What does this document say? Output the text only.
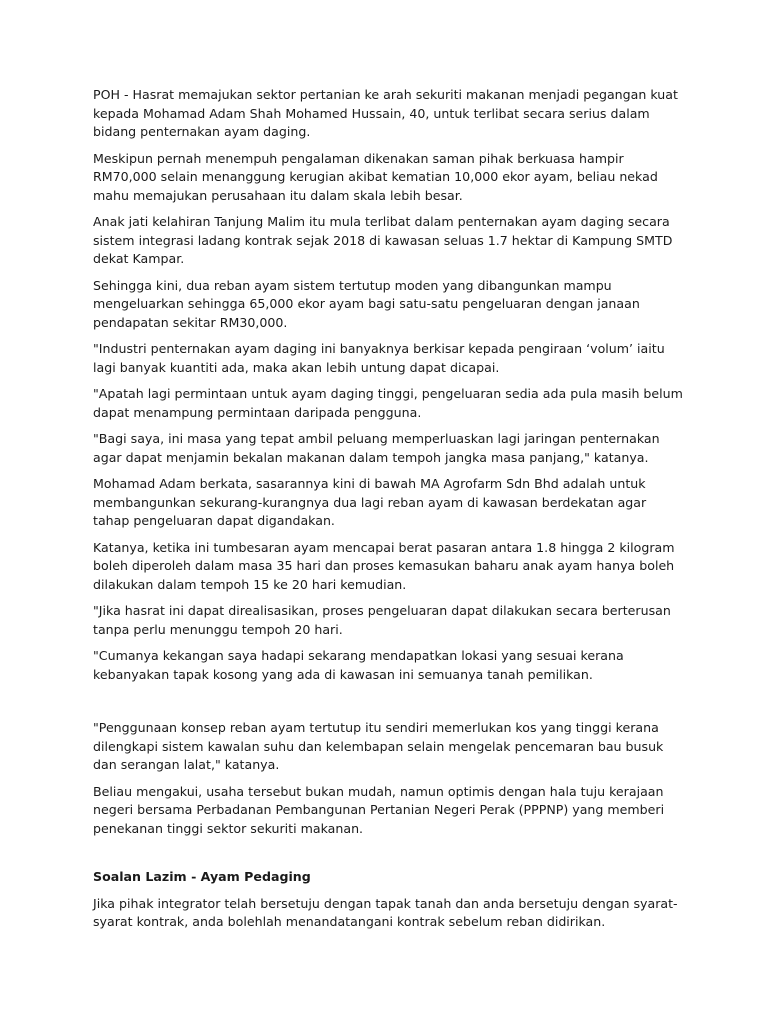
POH - Hasrat memajukan sektor pertanian ke arah sekuriti makanan menjadi pegangan kuat kepada Mohamad Adam Shah Mohamed Hussain, 40, untuk terlibat secara serius dalam bidang penternakan ayam daging.

Meskipun pernah menempuh pengalaman dikenakan saman pihak berkuasa hampir RM70,000 selain menanggung kerugian akibat kematian 10,000 ekor ayam, beliau nekad mahu memajukan perusahaan itu dalam skala lebih besar.

Anak jati kelahiran Tanjung Malim itu mula terlibat dalam penternakan ayam daging secara sistem integrasi ladang kontrak sejak 2018 di kawasan seluas 1.7 hektar di Kampung SMTD dekat Kampar.

Sehingga kini, dua reban ayam sistem tertutup moden yang dibangunkan mampu mengeluarkan sehingga 65,000 ekor ayam bagi satu-satu pengeluaran dengan janaan pendapatan sekitar RM30,000.

"Industri penternakan ayam daging ini banyaknya berkisar kepada pengiraan ‘volum’ iaitu lagi banyak kuantiti ada, maka akan lebih untung dapat dicapai.

"Apatah lagi permintaan untuk ayam daging tinggi, pengeluaran sedia ada pula masih belum dapat menampung permintaan daripada pengguna.

"Bagi saya, ini masa yang tepat ambil peluang memperluaskan lagi jaringan penternakan agar dapat menjamin bekalan makanan dalam tempoh jangka masa panjang," katanya.

Mohamad Adam berkata, sasarannya kini di bawah MA Agrofarm Sdn Bhd adalah untuk membangunkan sekurang-kurangnya dua lagi reban ayam di kawasan berdekatan agar tahap pengeluaran dapat digandakan.

Katanya, ketika ini tumbesaran ayam mencapai berat pasaran antara 1.8 hingga 2 kilogram boleh diperoleh dalam masa 35 hari dan proses kemasukan baharu anak ayam hanya boleh dilakukan dalam tempoh 15 ke 20 hari kemudian.

"Jika hasrat ini dapat direalisasikan, proses pengeluaran dapat dilakukan secara berterusan tanpa perlu menunggu tempoh 20 hari.

"Cumanya kekangan saya hadapi sekarang mendapatkan lokasi yang sesuai kerana kebanyakan tapak kosong yang ada di kawasan ini semuanya tanah pemilikan.

"Penggunaan konsep reban ayam tertutup itu sendiri memerlukan kos yang tinggi kerana dilengkapi sistem kawalan suhu dan kelembapan selain mengelak pencemaran bau busuk dan serangan lalat," katanya.

Beliau mengakui, usaha tersebut bukan mudah, namun optimis dengan hala tuju kerajaan negeri bersama Perbadanan Pembangunan Pertanian Negeri Perak (PPPNP) yang memberi penekanan tinggi sektor sekuriti makanan.

Soalan Lazim - Ayam Pedaging

Jika pihak integrator telah bersetuju dengan tapak tanah dan anda bersetuju dengan syarat-syarat kontrak, anda bolehlah menandatangani kontrak sebelum reban didirikan.
